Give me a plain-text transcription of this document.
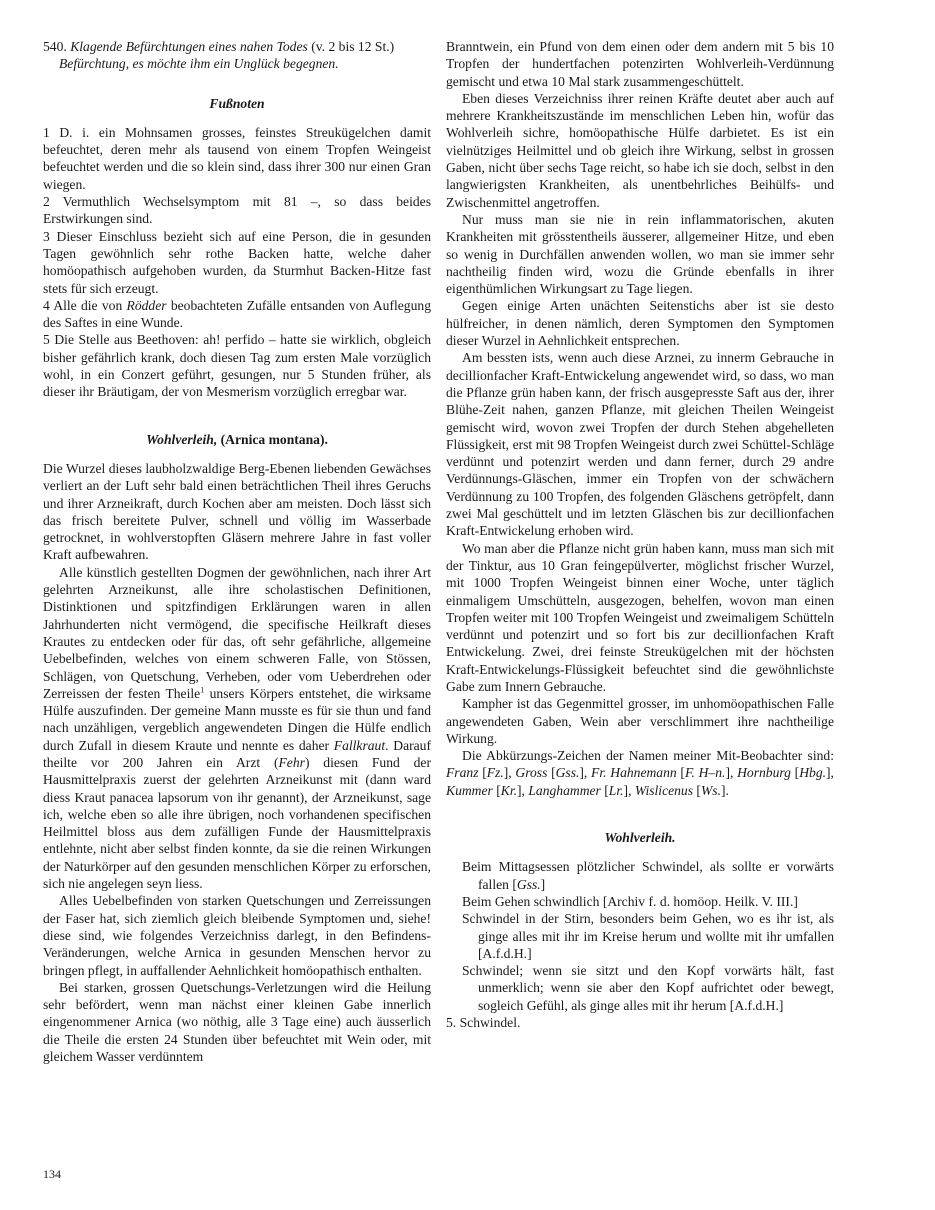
540. Klagende Befürchtungen eines nahen Todes (v. 2 bis 12 St.)

Befürchtung, es möchte ihm ein Unglück begegnen.

Fußnoten

1 D. i. ein Mohnsamen grosses, feinstes Streukügelchen damit befeuchtet, deren mehr als tausend von einem Tropfen Weingeist befeuchtet werden und die so klein sind, dass ihrer 300 nur einen Gran wiegen.

2 Vermuthlich Wechselsymptom mit 81 –, so dass beides Erstwirkungen sind.

3 Dieser Einschluss bezieht sich auf eine Person, die in gesunden Tagen gewöhnlich sehr rothe Backen hatte, welche daher homöopathisch aufgehoben wurden, da Sturmhut Backen-Hitze fast stets für sich erzeugt.

4 Alle die von Rödder beobachteten Zufälle entsanden von Auflegung des Saftes in eine Wunde.

5 Die Stelle aus Beethoven: ah! perfido – hatte sie wirklich, obgleich bisher gefährlich krank, doch diesen Tag zum ersten Male vorzüglich wohl, in ein Conzert geführt, gesungen, nur 5 Stunden früher, als dieser ihr Bräutigam, der von Mesmerism vorzüglich erregbar war.

Wohlverleih, (Arnica montana).

Die Wurzel dieses laubholzwaldige Berg-Ebenen liebenden Gewächses verliert an der Luft sehr bald einen beträchtlichen Theil ihres Geruchs und ihrer Arzneikraft, durch Kochen aber am meisten. Doch lässt sich das frisch bereitete Pulver, schnell und völlig im Wasserbade getrocknet, in wohlverstopften Gläsern mehrere Jahre in fast voller Kraft aufbewahren.

Alle künstlich gestellten Dogmen der gewöhnlichen, nach ihrer Art gelehrten Arzneikunst, alle ihre scholastischen Definitionen, Distinktionen und spitzfindigen Erklärungen waren in allen Jahrhunderten nicht vermögend, die specifische Heilkraft dieses Krautes zu entdecken oder für das, oft sehr gefährliche, allgemeine Uebelbefinden, welches von einem schweren Falle, von Stössen, Schlägen, von Quetschung, Verheben, oder vom Ueberdrehen oder Zerreissen der festen Theile$^1$ unsers Körpers entstehet, die wirksame Hülfe auszufinden. Der gemeine Mann musste es für sie thun und fand nach unzähligen, vergeblich angewendeten Dingen die Hülfe endlich durch Zufall in diesem Kraute und nennte es daher Fallkraut. Darauf theilte vor 200 Jahren ein Arzt (Fehr) diesen Fund der Hausmittelpraxis zuerst der gelehrten Arzneikunst mit (dann ward diess Kraut panacea lapsorum von ihr genannt), der Arzneikunst, sage ich, welche eben so alle ihre übrigen, noch vorhandenen specifischen Heilmittel bloss aus dem zufälligen Funde der Hausmittelpraxis entlehnte, nicht aber selbst finden konnte, da sie die reinen Wirkungen der Naturkörper auf den gesunden menschlichen Körper zu erforschen, sich nie angelegen seyn liess.

Alles Uebelbefinden von starken Quetschungen und Zerreissungen der Faser hat, sich ziemlich gleich bleibende Symptomen und, siehe! diese sind, wie folgendes Verzeichniss darlegt, in den Befindens-Veränderungen, welche Arnica in gesunden Menschen hervor zu bringen pflegt, in auffallender Aehnlichkeit homöopathisch enthalten.

Bei starken, grossen Quetschungs-Verletzungen wird die Heilung sehr befördert, wenn man nächst einer kleinen Gabe innerlich eingenommener Arnica (wo nöthig, alle 3 Tage eine) auch äusserlich die Theile die ersten 24 Stunden über befeuchtet mit Wein oder, mit gleichem Wasser verdünntem

Branntwein, ein Pfund von dem einen oder dem andern mit 5 bis 10 Tropfen der hundertfachen potenzirten Wohlverleih-Verdünnung gemischt und etwa 10 Mal stark zusammengeschüttelt.

Eben dieses Verzeichniss ihrer reinen Kräfte deutet aber auch auf mehrere Krankheitszustände im menschlichen Leben hin, wofür das Wohlverleih sichre, homöopathische Hülfe darbietet. Es ist ein vielnütziges Heilmittel und ob gleich ihre Wirkung, selbst in grossen Gaben, nicht über sechs Tage reicht, so habe ich sie doch, selbst in den langwierigsten Krankheiten, als unentbehrliches Beihülfs- und Zwischenmittel angetroffen.

Nur muss man sie nie in rein inflammatorischen, akuten Krankheiten mit grösstentheils äusserer, allgemeiner Hitze, und eben so wenig in Durchfällen anwenden wollen, wo man sie immer sehr nachtheilig finden wird, wozu die Gründe ebenfalls in ihrer eigenthümlichen Wirkungsart zu Tage liegen.

Gegen einige Arten unächten Seitenstichs aber ist sie desto hülfreicher, in denen nämlich, deren Symptomen den Symptomen dieser Wurzel in Aehnlichkeit entsprechen.

Am bessten ists, wenn auch diese Arznei, zu innerm Gebrauche in decillionfacher Kraft-Entwickelung angewendet wird, so dass, wo man die Pflanze grün haben kann, der frisch ausgepresste Saft aus der, ihrer Blühe-Zeit nahen, ganzen Pflanze, mit gleichen Theilen Weingeist gemischt wird, wovon zwei Tropfen der durch Stehen abgehelleten Flüssigkeit, erst mit 98 Tropfen Weingeist durch zwei Schüttel-Schläge verdünnt und potenzirt werden und dann ferner, durch 29 andre Verdünnungs-Gläschen, immer ein Tropfen von der schwächern Verdünnung zu 100 Tropfen, des folgenden Gläschens getröpfelt, dann zwei Mal geschüttelt und im letzten Gläschen bis zur decillionfachen Kraft-Entwickelung erhoben wird.

Wo man aber die Pflanze nicht grün haben kann, muss man sich mit der Tinktur, aus 10 Gran feingepülverter, möglichst frischer Wurzel, mit 1000 Tropfen Weingeist binnen einer Woche, unter täglich einmaligem Umschütteln, ausgezogen, behelfen, wovon man einen Tropfen weiter mit 100 Tropfen Weingeist und zweimaligem Schütteln verdünnt und potenzirt und so fort bis zur decillionfachen Kraft Entwickelung. Zwei, drei feinste Streukügelchen mit der höchsten Kraft-Entwickelungs-Flüssigkeit befeuchtet sind die gewöhnlichste Gabe zum Innern Gebrauche.

Kampher ist das Gegenmittel grosser, im unhomöopathischen Falle angewendeten Gaben, Wein aber verschlimmert ihre nachtheilige Wirkung.

Die Abkürzungs-Zeichen der Namen meiner Mit-Beobachter sind: Franz [Fz.], Gross [Gss.], Fr. Hahnemann [F. H–n.], Hornburg [Hbg.], Kummer [Kr.], Langhammer [Lr.], Wislicenus [Ws.].

Wohlverleih.

Beim Mittagsessen plötzlicher Schwindel, als sollte er vorwärts fallen [Gss.]

Beim Gehen schwindlich [Archiv f. d. homöop. Heilk. V. III.]

Schwindel in der Stirn, besonders beim Gehen, wo es ihr ist, als ginge alles mit ihr im Kreise herum und wollte mit ihr umfallen [A.f.d.H.]

Schwindel; wenn sie sitzt und den Kopf vorwärts hält, fast unmerklich; wenn sie aber den Kopf aufrichtet oder bewegt, sogleich Gefühl, als ginge alles mit ihr herum [A.f.d.H.]

5. Schwindel.

134
